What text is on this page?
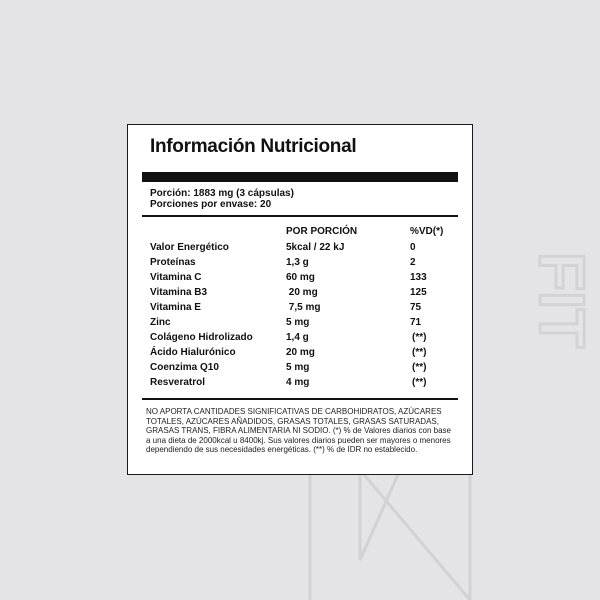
FIT
Información Nutricional
Porción: 1883 mg (3 cápsulas)
Porciones por envase: 20
POR PORCIÓN	%VD(*)
Valor Energético	5kcal / 22 kJ	0
Proteínas	1,3 g	2
Vitamina C	60 mg	133
Vitamina B3	20 mg	125
Vitamina E	7,5 mg	75
Zinc	5 mg	71
Colágeno Hidrolizado	1,4 g	(**)
Ácido Hialurónico	20 mg	(**)
Coenzima Q10	5 mg	(**)
Resveratrol	4 mg	(**)
NO APORTA CANTIDADES SIGNIFICATIVAS DE CARBOHIDRATOS, AZÚCARES TOTALES, AZÚCARES AÑADIDOS, GRASAS TOTALES, GRASAS SATURADAS, GRASAS TRANS, FIBRA ALIMENTARIA NI SODIO. (*) % de Valores diarios con base a una dieta de 2000kcal u 8400kj. Sus valores diarios pueden ser mayores o menores dependiendo de sus necesidades energéticas. (**) % de IDR no establecido.
